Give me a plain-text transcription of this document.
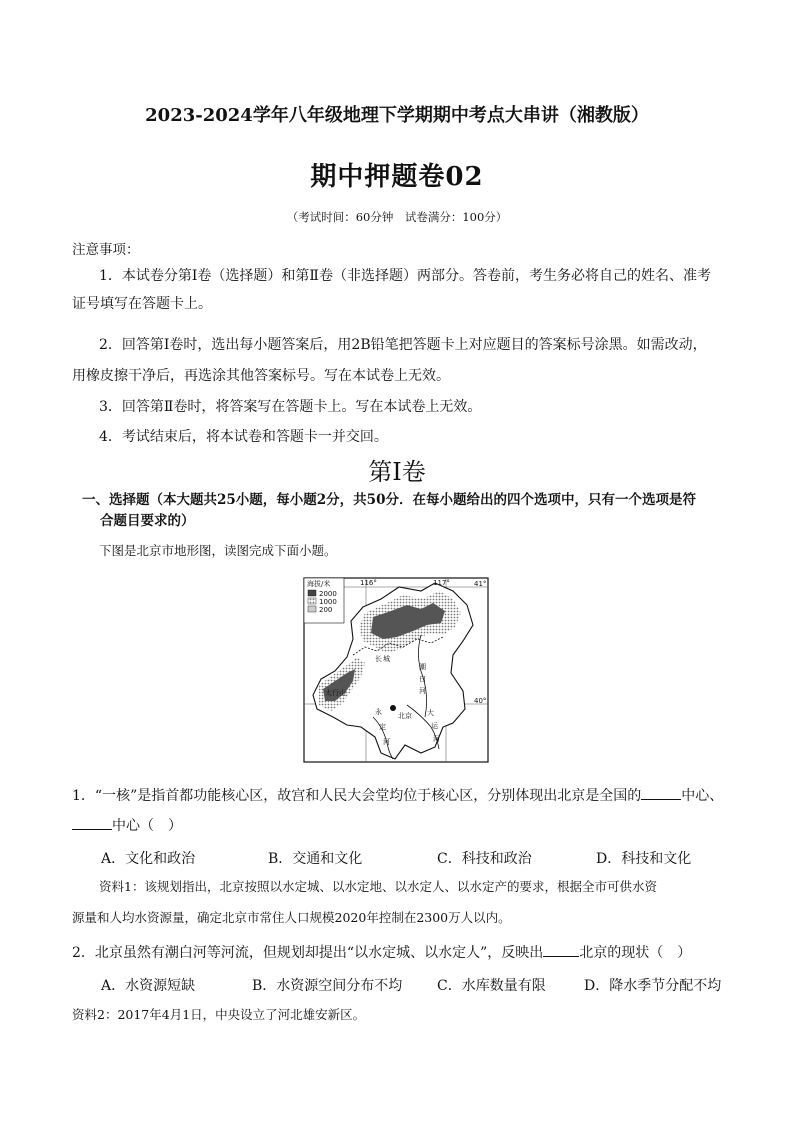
2023-2024学年八年级地理下学期期中考点大串讲（湘教版）
期中押题卷02
（考试时间：60分钟　试卷满分：100分）
注意事项：
1．本试卷分第Ⅰ卷（选择题）和第Ⅱ卷（非选择题）两部分。答卷前，考生务必将自己的姓名、准考
证号填写在答题卡上。
2．回答第Ⅰ卷时，选出每小题答案后，用2B铅笔把答题卡上对应题目的答案标号涂黑。如需改动，
用橡皮擦干净后，再选涂其他答案标号。写在本试卷上无效。
3．回答第Ⅱ卷时，将答案写在答题卡上。写在本试卷上无效。
4．考试结束后，将本试卷和答题卡一并交回。
第Ⅰ卷
一、选择题（本大题共25小题，每小题2分，共50分．在每小题给出的四个选项中，只有一个选项是符
合题目要求的）
下图是北京市地形图，读图完成下面小题。
海拔/米
2000
1000
200
116°	117°	41°
40°
北京
潮
白
河
永
定
河
大
运
河
长 城
太行山
1．“一核”是指首都功能核心区，故宫和人民大会堂均位于核心区，分别体现出北京是全国的	中心、
中心（　）
A．文化和政治	B．交通和文化	C．科技和政治	D．科技和文化
资料1：该规划指出，北京按照以水定城、以水定地、以水定人、以水定产的要求，根据全市可供水资
源量和人均水资源量，确定北京市常住人口规模2020年控制在2300万人以内。
2．北京虽然有潮白河等河流，但规划却提出“以水定城、以水定人”，反映出	北京的现状（　）
A．水资源短缺	B．水资源空间分布不均 C．水库数量有限	D．降水季节分配不均
资料2：2017年4月1日，中央设立了河北雄安新区。
